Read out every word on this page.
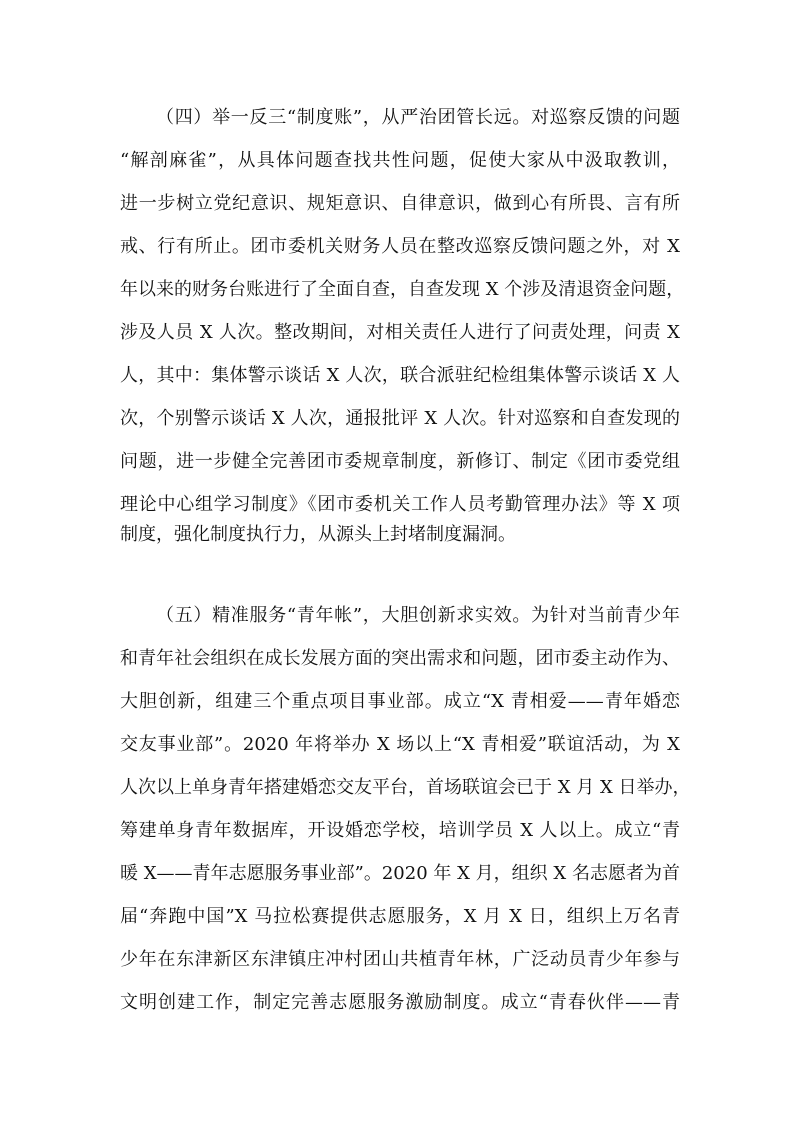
（四）举一反三“制度账”，从严治团管长远。对巡察反馈的问题
“解剖麻雀”，从具体问题查找共性问题，促使大家从中汲取教训，
进一步树立党纪意识、规矩意识、自律意识，做到心有所畏、言有所
戒、行有所止。团市委机关财务人员在整改巡察反馈问题之外，对 X
年以来的财务台账进行了全面自查，自查发现 X 个涉及清退资金问题，
涉及人员 X 人次。整改期间，对相关责任人进行了问责处理，问责 X
人，其中：集体警示谈话 X 人次，联合派驻纪检组集体警示谈话 X 人
次，个别警示谈话 X 人次，通报批评 X 人次。针对巡察和自查发现的
问题，进一步健全完善团市委规章制度，新修订、制定《团市委党组
理论中心组学习制度》《团市委机关工作人员考勤管理办法》等 X 项
制度，强化制度执行力，从源头上封堵制度漏洞。
（五）精准服务“青年帐”，大胆创新求实效。为针对当前青少年
和青年社会组织在成长发展方面的突出需求和问题，团市委主动作为、
大胆创新，组建三个重点项目事业部。成立“X 青相爱——青年婚恋
交友事业部”。2020 年将举办 X 场以上“X 青相爱”联谊活动，为 X
人次以上单身青年搭建婚恋交友平台，首场联谊会已于 X 月 X 日举办，
筹建单身青年数据库，开设婚恋学校，培训学员 X 人以上。成立“青
暖 X——青年志愿服务事业部”。2020 年 X 月，组织 X 名志愿者为首
届“奔跑中国”X 马拉松赛提供志愿服务，X 月 X 日，组织上万名青
少年在东津新区东津镇庄冲村团山共植青年林，广泛动员青少年参与
文明创建工作，制定完善志愿服务激励制度。成立“青春伙伴——青
